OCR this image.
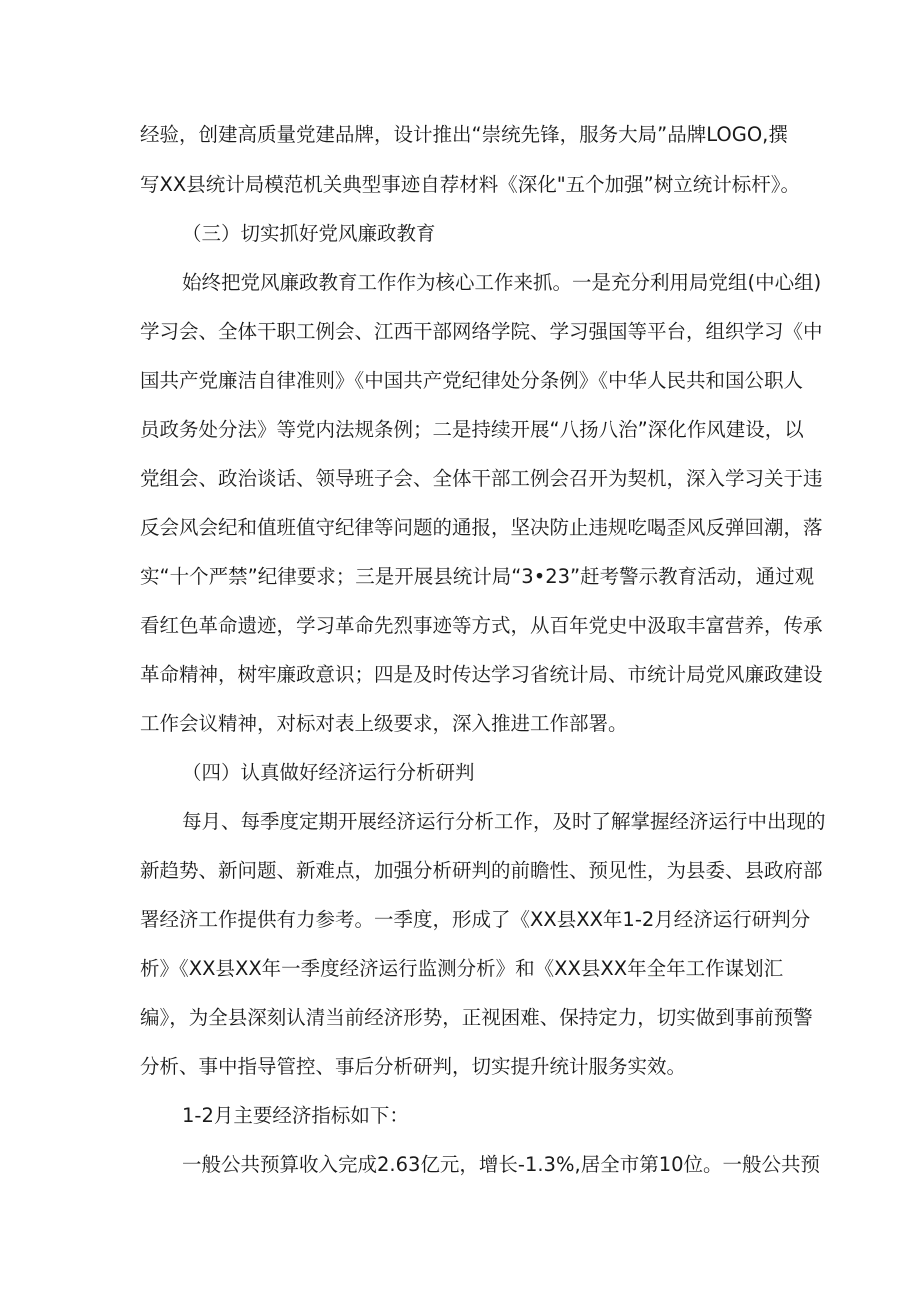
经验，创建高质量党建品牌，设计推出“崇统先锋，服务大局”品牌LOGO,撰

写XX县统计局模范机关典型事迹自荐材料《深化"五个加强”树立统计标杆》。

（三）切实抓好党风廉政教育

始终把党风廉政教育工作作为核心工作来抓。一是充分利用局党组(中心组)

学习会、全体干职工例会、江西干部网络学院、学习强国等平台，组织学习《中

国共产党廉洁自律准则》《中国共产党纪律处分条例》《中华人民共和国公职人

员政务处分法》等党内法规条例；二是持续开展“八扬八治”深化作风建设，以

党组会、政治谈话、领导班子会、全体干部工例会召开为契机，深入学习关于违

反会风会纪和值班值守纪律等问题的通报，坚决防止违规吃喝歪风反弹回潮，落

实“十个严禁”纪律要求；三是开展县统计局“3•23”赶考警示教育活动，通过观

看红色革命遗迹，学习革命先烈事迹等方式，从百年党史中汲取丰富营养，传承

革命精神，树牢廉政意识；四是及时传达学习省统计局、市统计局党风廉政建设

工作会议精神，对标对表上级要求，深入推进工作部署。

（四）认真做好经济运行分析研判

每月、每季度定期开展经济运行分析工作，及时了解掌握经济运行中出现的

新趋势、新问题、新难点，加强分析研判的前瞻性、预见性，为县委、县政府部

署经济工作提供有力参考。一季度，形成了《XX县XX年1-2月经济运行研判分

析》《XX县XX年一季度经济运行监测分析》和《XX县XX年全年工作谋划汇

编》，为全县深刻认清当前经济形势，正视困难、保持定力，切实做到事前预警

分析、事中指导管控、事后分析研判，切实提升统计服务实效。

1-2月主要经济指标如下：

一般公共预算收入完成2.63亿元，增长-1.3%,居全市第10位。一般公共预
